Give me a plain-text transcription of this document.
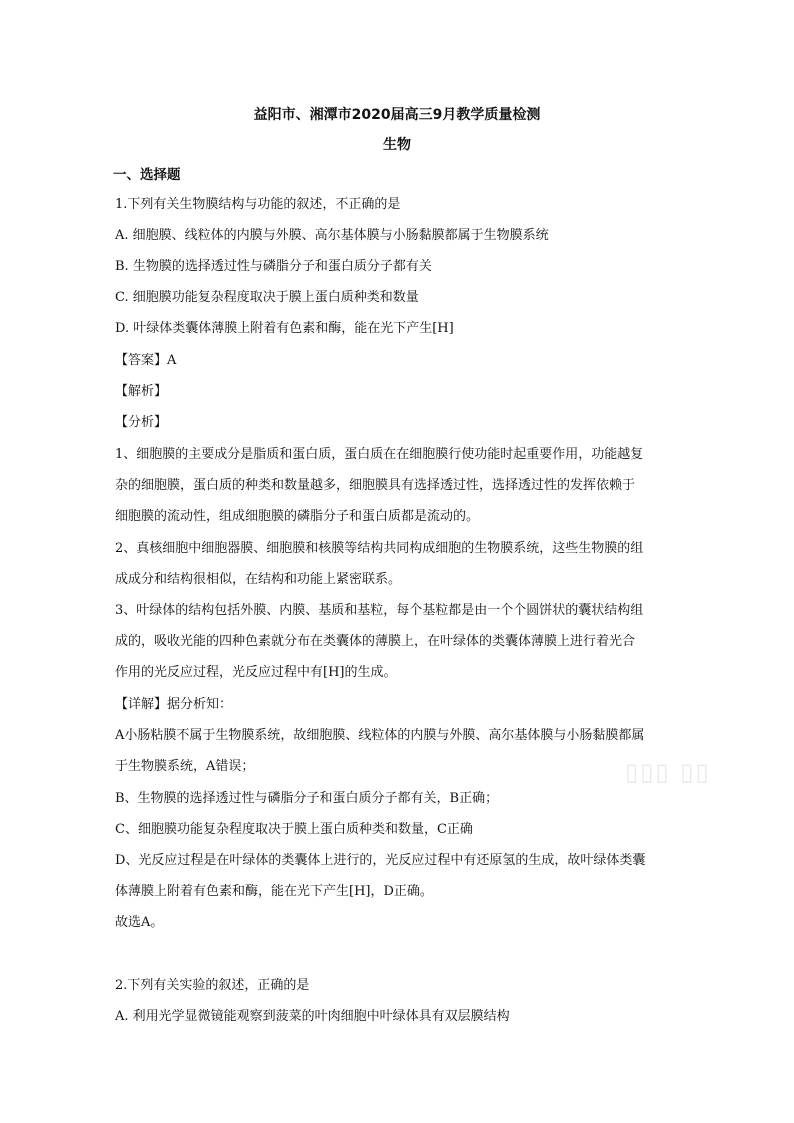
益阳市、湘潭市2020届高三9月教学质量检测
生物
一、选择题
1.下列有关生物膜结构与功能的叙述，不正确的是
A. 细胞膜、线粒体的内膜与外膜、高尔基体膜与小肠黏膜都属于生物膜系统
B. 生物膜的选择透过性与磷脂分子和蛋白质分子都有关
C. 细胞膜功能复杂程度取决于膜上蛋白质种类和数量
D. 叶绿体类囊体薄膜上附着有色素和酶，能在光下产生[H]
【答案】A
【解析】
【分析】
1、细胞膜的主要成分是脂质和蛋白质，蛋白质在在细胞膜行使功能时起重要作用，功能越复
杂的细胞膜，蛋白质的种类和数量越多，细胞膜具有选择透过性，选择透过性的发挥依赖于
细胞膜的流动性，组成细胞膜的磷脂分子和蛋白质都是流动的。
2、真核细胞中细胞器膜、细胞膜和核膜等结构共同构成细胞的生物膜系统，这些生物膜的组
成成分和结构很相似，在结构和功能上紧密联系。
3、叶绿体的结构包括外膜、内膜、基质和基粒，每个基粒都是由一个个圆饼状的囊状结构组
成的，吸收光能的四种色素就分布在类囊体的薄膜上，在叶绿体的类囊体薄膜上进行着光合
作用的光反应过程，光反应过程中有[H]的生成。
【详解】据分析知：
A小肠粘膜不属于生物膜系统，故细胞膜、线粒体的内膜与外膜、高尔基体膜与小肠黏膜都属
于生物膜系统，A错误；
B、生物膜的选择透过性与磷脂分子和蛋白质分子都有关，B正确；
C、细胞膜功能复杂程度取决于膜上蛋白质种类和数量，C正确
D、光反应过程是在叶绿体的类囊体上进行的，光反应过程中有还原氢的生成，故叶绿体类囊
体薄膜上附着有色素和酶，能在光下产生[H]，D正确。
故选A。
2.下列有关实验的叙述，正确的是
A. 利用光学显微镜能观察到菠菜的叶肉细胞中叶绿体具有双层膜结构
▯▯▯ ▯▯
